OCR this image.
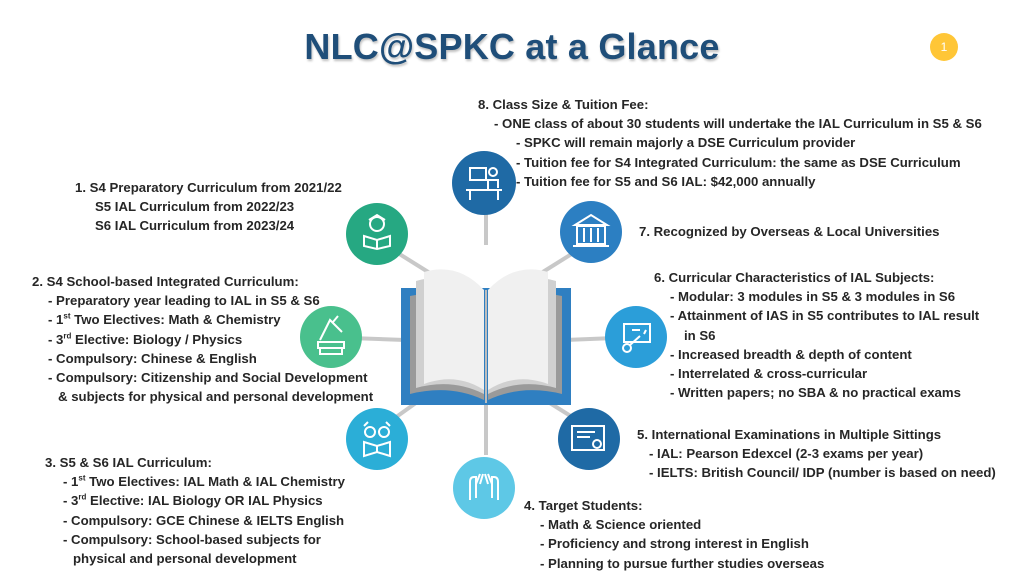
NLC@SPKC at a Glance	1
8. Class Size & Tuition Fee:
- ONE class of about 30 students will undertake the IAL Curriculum in S5 & S6
- SPKC will remain majorly a DSE Curriculum provider
- Tuition fee for S4 Integrated Curriculum: the same as DSE Curriculum
- Tuition fee for S5 and S6 IAL: $42,000 annually
1. S4 Preparatory Curriculum from 2021/22
S5 IAL Curriculum from 2022/23
S6 IAL Curriculum from 2023/24	7. Recognized by Overseas & Local Universities
2. S4 School-based Integrated Curriculum:
- Preparatory year leading to IAL in S5 & S6
- 1st Two Electives: Math & Chemistry
- 3rd Elective: Biology / Physics
- Compulsory: Chinese & English
- Compulsory: Citizenship and Social Development
& subjects for physical and personal development
6. Curricular Characteristics of IAL Subjects:
- Modular: 3 modules in S5 & 3 modules in S6
- Attainment of IAS in S5 contributes to IAL result
in S6
- Increased breadth & depth of content
- Interrelated & cross-curricular
- Written papers; no SBA & no practical exams
5. International Examinations in Multiple Sittings
- IAL: Pearson Edexcel (2-3 exams per year)
- IELTS: British Council/ IDP (number is based on need)
3. S5 & S6 IAL Curriculum:
- 1st Two Electives: IAL Math & IAL Chemistry
- 3rd Elective: IAL Biology OR IAL Physics
- Compulsory: GCE Chinese & IELTS English
- Compulsory: School-based subjects for
physical and personal development
4. Target Students:
- Math & Science oriented
- Proficiency and strong interest in English
- Planning to pursue further studies overseas
